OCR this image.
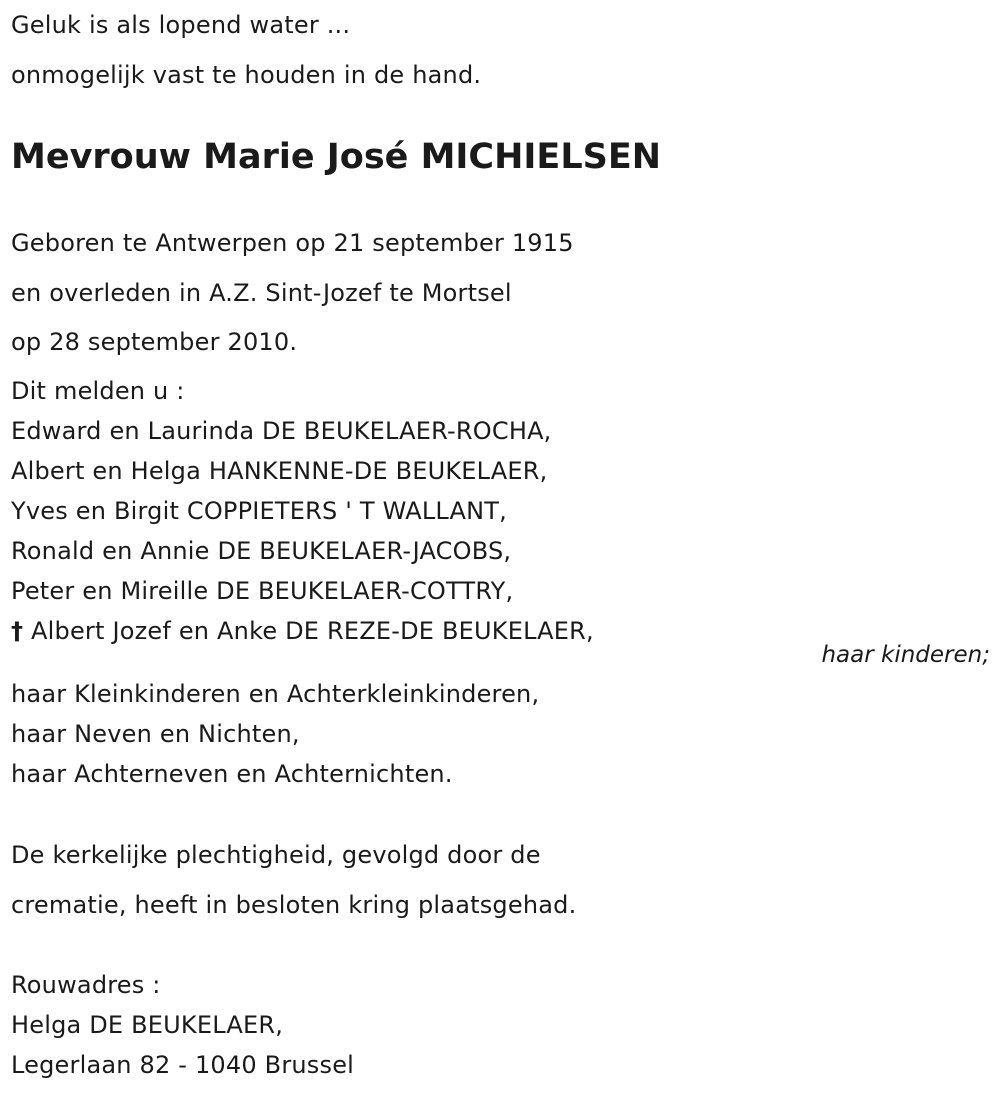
Geluk is als lopend water ...
onmogelijk vast te houden in de hand.
Mevrouw Marie José MICHIELSEN
Geboren te Antwerpen op 21 september 1915
en overleden in A.Z. Sint-Jozef te Mortsel
op 28 september 2010.
Dit melden u :
Edward en Laurinda DE BEUKELAER-ROCHA,
Albert en Helga HANKENNE-DE BEUKELAER,
Yves en Birgit COPPIETERS ' T WALLANT,
Ronald en Annie DE BEUKELAER-JACOBS,
Peter en Mireille DE BEUKELAER-COTTRY,
† Albert Jozef en Anke DE REZE-DE BEUKELAER,
haar kinderen;
haar Kleinkinderen en Achterkleinkinderen,
haar Neven en Nichten,
haar Achterneven en Achternichten.
De kerkelijke plechtigheid, gevolgd door de
crematie, heeft in besloten kring plaatsgehad.
Rouwadres :
Helga DE BEUKELAER,
Legerlaan 82 - 1040 Brussel
